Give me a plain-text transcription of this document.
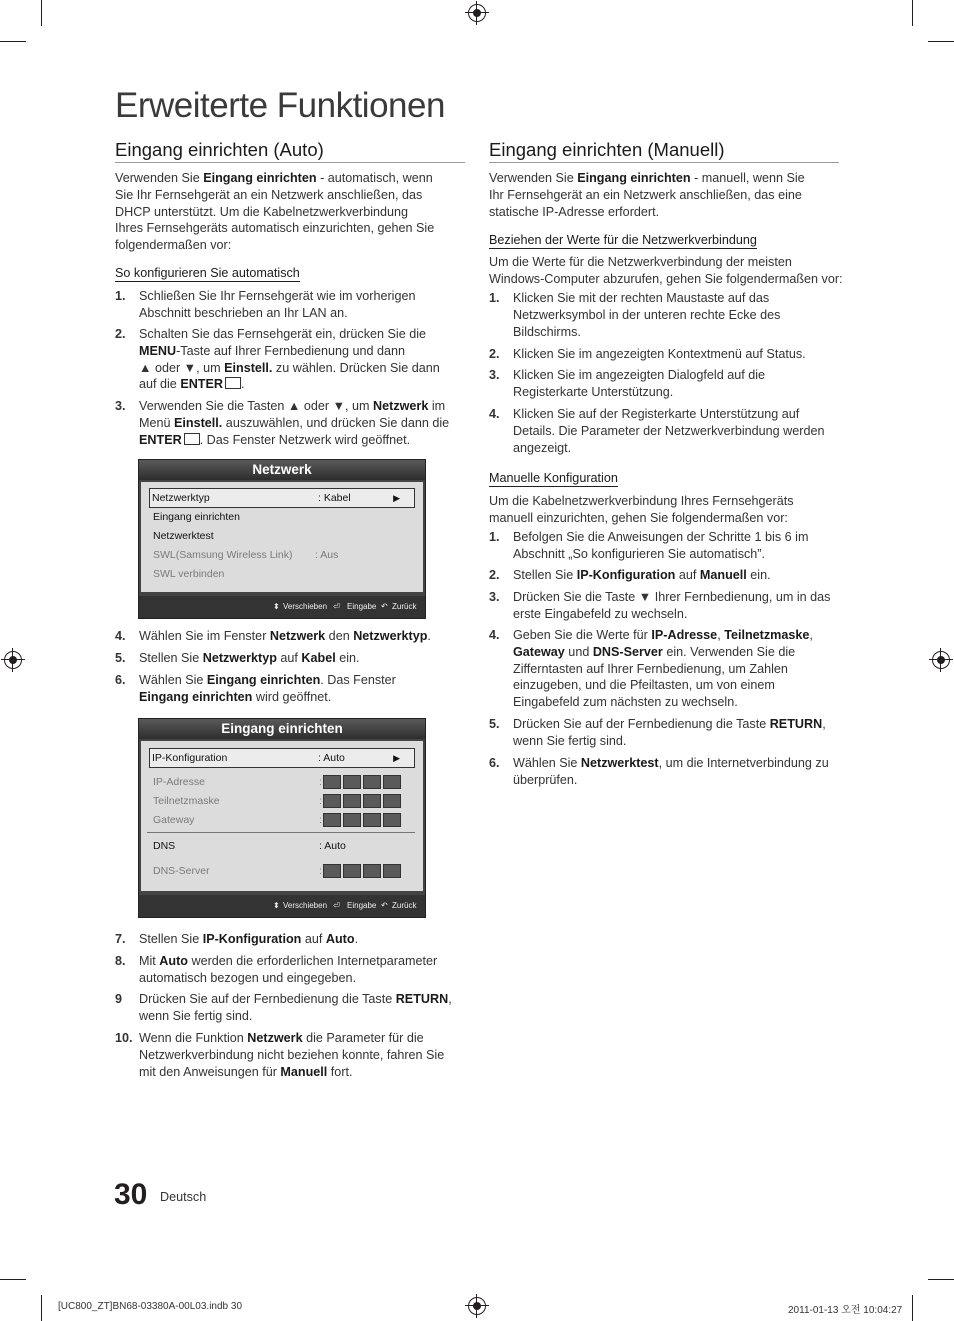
Erweiterte Funktionen
Eingang einrichten (Auto)
Verwenden Sie Eingang einrichten - automatisch, wenn
Sie Ihr Fernsehgerät an ein Netzwerk anschließen, das
DHCP unterstützt. Um die Kabelnetzwerkverbindung
Ihres Fernsehgeräts automatisch einzurichten, gehen Sie
folgendermaßen vor:
So konfigurieren Sie automatisch
1. Schließen Sie Ihr Fernsehgerät wie im vorherigen
Abschnitt beschrieben an Ihr LAN an.
2. Schalten Sie das Fernsehgerät ein, drücken Sie die
MENU-Taste auf Ihrer Fernbedienung und dann
▲ oder ▼, um Einstell. zu wählen. Drücken Sie dann
auf die ENTER .
3. Verwenden Sie die Tasten ▲ oder ▼, um Netzwerk im
Menü Einstell. auszuwählen, und drücken Sie dann die
ENTER . Das Fenster Netzwerk wird geöffnet.
Netzwerk
Netzwerktyp	: Kabel	▶
Eingang einrichten
Netzwerktest
SWL(Samsung Wireless Link) : Aus
SWL verbinden
⬍ Verschieben ⏎ Eingabe ↶ Zurück
4. Wählen Sie im Fenster Netzwerk den Netzwerktyp.
5. Stellen Sie Netzwerktyp auf Kabel ein.
6. Wählen Sie Eingang einrichten. Das Fenster
Eingang einrichten wird geöffnet.
Eingang einrichten
IP-Konfiguration	: Auto	▶
IP-Adresse	:
Teilnetzmaske	:
Gateway	:
DNS	: Auto
DNS-Server	:
⬍ Verschieben ⏎ Eingabe ↶ Zurück
7. Stellen Sie IP-Konfiguration auf Auto.
8. Mit Auto werden die erforderlichen Internetparameter
automatisch bezogen und eingegeben.
9 Drücken Sie auf der Fernbedienung die Taste RETURN,
wenn Sie fertig sind.
10. Wenn die Funktion Netzwerk die Parameter für die
Netzwerkverbindung nicht beziehen konnte, fahren Sie
mit den Anweisungen für Manuell fort.
Eingang einrichten (Manuell)
Verwenden Sie Eingang einrichten - manuell, wenn Sie
Ihr Fernsehgerät an ein Netzwerk anschließen, das eine
statische IP-Adresse erfordert.
Beziehen der Werte für die Netzwerkverbindung
Um die Werte für die Netzwerkverbindung der meisten
Windows-Computer abzurufen, gehen Sie folgendermaßen vor:
1. Klicken Sie mit der rechten Maustaste auf das
Netzwerksymbol in der unteren rechte Ecke des
Bildschirms.
2. Klicken Sie im angezeigten Kontextmenü auf Status.
3. Klicken Sie im angezeigten Dialogfeld auf die
Registerkarte Unterstützung.
4. Klicken Sie auf der Registerkarte Unterstützung auf
Details. Die Parameter der Netzwerkverbindung werden
angezeigt.
Manuelle Konfiguration
Um die Kabelnetzwerkverbindung Ihres Fernsehgeräts
manuell einzurichten, gehen Sie folgendermaßen vor:
1. Befolgen Sie die Anweisungen der Schritte 1 bis 6 im
Abschnitt „So konfigurieren Sie automatisch”.
2. Stellen Sie IP-Konfiguration auf Manuell ein.
3. Drücken Sie die Taste ▼ Ihrer Fernbedienung, um in das
erste Eingabefeld zu wechseln.
4. Geben Sie die Werte für IP-Adresse, Teilnetzmaske,
Gateway und DNS-Server ein. Verwenden Sie die
Zifferntasten auf Ihrer Fernbedienung, um Zahlen
einzugeben, und die Pfeiltasten, um von einem
Eingabefeld zum nächsten zu wechseln.
5. Drücken Sie auf der Fernbedienung die Taste RETURN,
wenn Sie fertig sind.
6. Wählen Sie Netzwerktest, um die Internetverbindung zu
überprüfen.
30 Deutsch
[UC800_ZT]BN68-03380A-00L03.indb 30	2011-01-13 오전 10:04:27
